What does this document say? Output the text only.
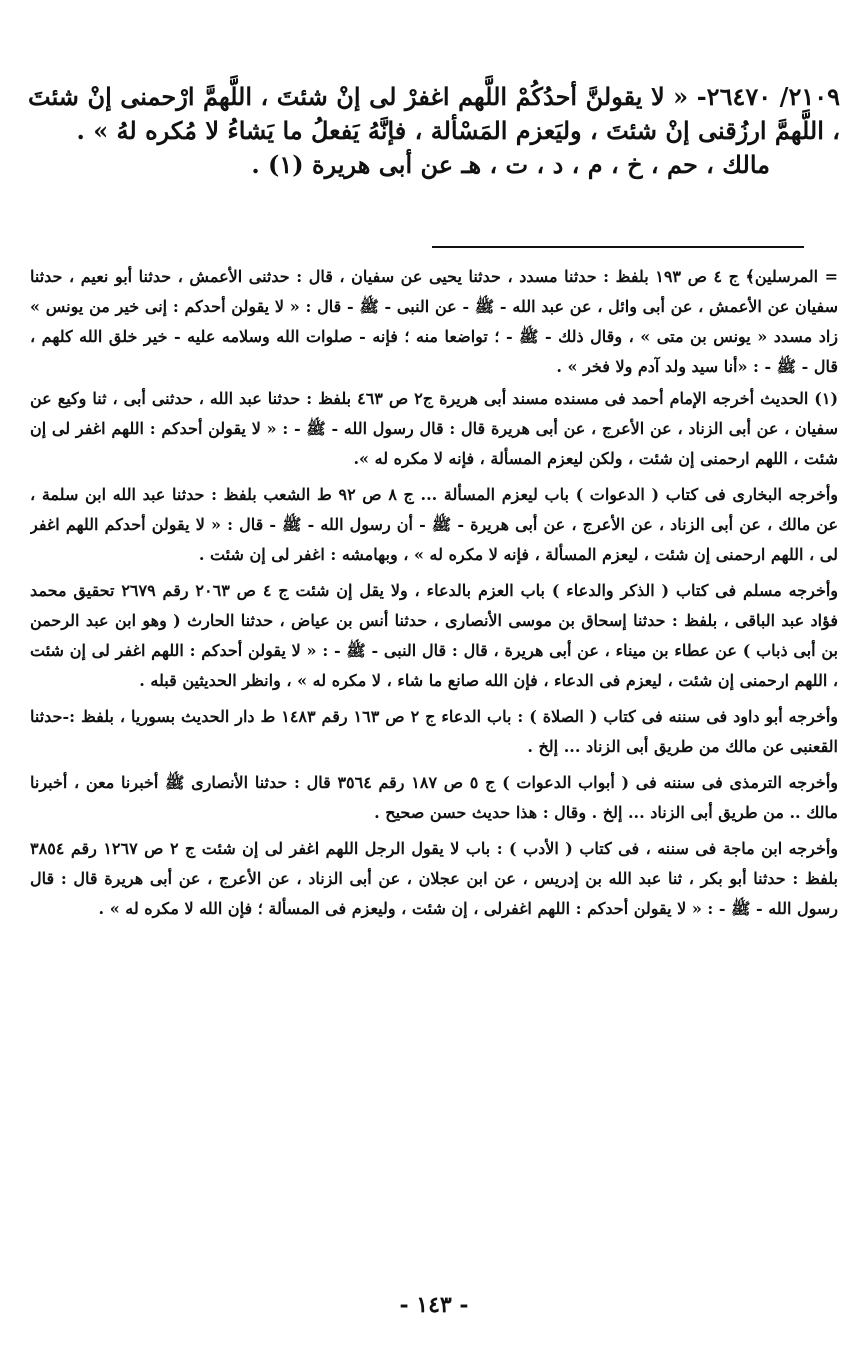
٢١٠٩/ ٢٦٤٧٠- « لا يقولنَّ أحدُكُمْ اللَّهم اغفرْ لى إنْ شئتَ ، اللَّهمَّ ارْحمنى إنْ شئتَ ، اللَّهمَّ ارزُقنى إنْ شئتَ ، وليَعزم المَسْألة ، فإنَّهُ يَفعلُ ما يَشاءُ لا مُكره لهُ » .

مالك ، حم ، خ ، م ، د ، ت ، هـ عن أبى هريرة (١) .

= المرسلين﴾ ج ٤ ص ١٩٣ بلفظ : حدثنا مسدد ، حدثنا يحيى عن سفيان ، قال : حدثنى الأعمش ، حدثنا أبو نعيم ، حدثنا سفيان عن الأعمش ، عن أبى وائل ، عن عبد الله - ﷺ - عن النبى - ﷺ - قال : « لا يقولن أحدكم : إنى خير من يونس » زاد مسدد « يونس بن متى » ، وقال ذلك - ﷺ - ؛ تواضعا منه ؛ فإنه - صلوات الله وسلامه عليه - خير خلق الله كلهم ، قال - ﷺ - : «أنا سيد ولد آدم ولا فخر » .

(١) الحديث أخرجه الإمام أحمد فى مسنده مسند أبى هريرة ج٢ ص ٤٦٣ بلفظ : حدثنا عبد الله ، حدثنى أبى ، ثنا وكيع عن سفيان ، عن أبى الزناد ، عن الأعرج ، عن أبى هريرة قال : قال رسول الله - ﷺ - : « لا يقولن أحدكم : اللهم اغفر لى إن شئت ، اللهم ارحمنى إن شئت ، ولكن ليعزم المسألة ، فإنه لا مكره له ».

وأخرجه البخارى فى كتاب ( الدعوات ) باب ليعزم المسألة ... ج ٨ ص ٩٢ ط الشعب بلفظ : حدثنا عبد الله ابن سلمة ، عن مالك ، عن أبى الزناد ، عن الأعرج ، عن أبى هريرة - ﷺ - أن رسول الله - ﷺ - قال : « لا يقولن أحدكم اللهم اغفر لى ، اللهم ارحمنى إن شئت ، ليعزم المسألة ، فإنه لا مكره له » ، وبهامشه : اغفر لى إن شئت .

وأخرجه مسلم فى كتاب ( الذكر والدعاء ) باب العزم بالدعاء ، ولا يقل إن شئت ج ٤ ص ٢٠٦٣ رقم ٢٦٧٩ تحقيق محمد فؤاد عبد الباقى ، بلفظ : حدثنا إسحاق بن موسى الأنصارى ، حدثنا أنس بن عياض ، حدثنا الحارث ( وهو ابن عبد الرحمن بن أبى ذباب ) عن عطاء بن ميناء ، عن أبى هريرة ، قال : قال النبى - ﷺ - : « لا يقولن أحدكم : اللهم اغفر لى إن شئت ، اللهم ارحمنى إن شئت ، ليعزم فى الدعاء ، فإن الله صانع ما شاء ، لا مكره له » ، وانظر الحديثين قبله .

وأخرجه أبو داود فى سننه فى كتاب ( الصلاة ) : باب الدعاء ج ٢ ص ١٦٣ رقم ١٤٨٣ ط دار الحديث بسوريا ، بلفظ :-حدثنا القعنبى عن مالك من طريق أبى الزناد ... إلخ .

وأخرجه الترمذى فى سننه فى ( أبواب الدعوات ) ج ٥ ص ١٨٧ رقم ٣٥٦٤ قال : حدثنا الأنصارى ﷺ أخبرنا معن ، أخبرنا مالك .. من طريق أبى الزناد ... إلخ . وقال : هذا حديث حسن صحيح .

وأخرجه ابن ماجة فى سننه ، فى كتاب ( الأدب ) : باب لا يقول الرجل اللهم اغفر لى إن شئت ج ٢ ص ١٢٦٧ رقم ٣٨٥٤ بلفظ : حدثنا أبو بكر ، ثنا عبد الله بن إدريس ، عن ابن عجلان ، عن أبى الزناد ، عن الأعرج ، عن أبى هريرة قال : قال رسول الله - ﷺ - : « لا يقولن أحدكم : اللهم اغفرلى ، إن شئت ، وليعزم فى المسألة ؛ فإن الله لا مكره له » .

- ١٤٣ -
